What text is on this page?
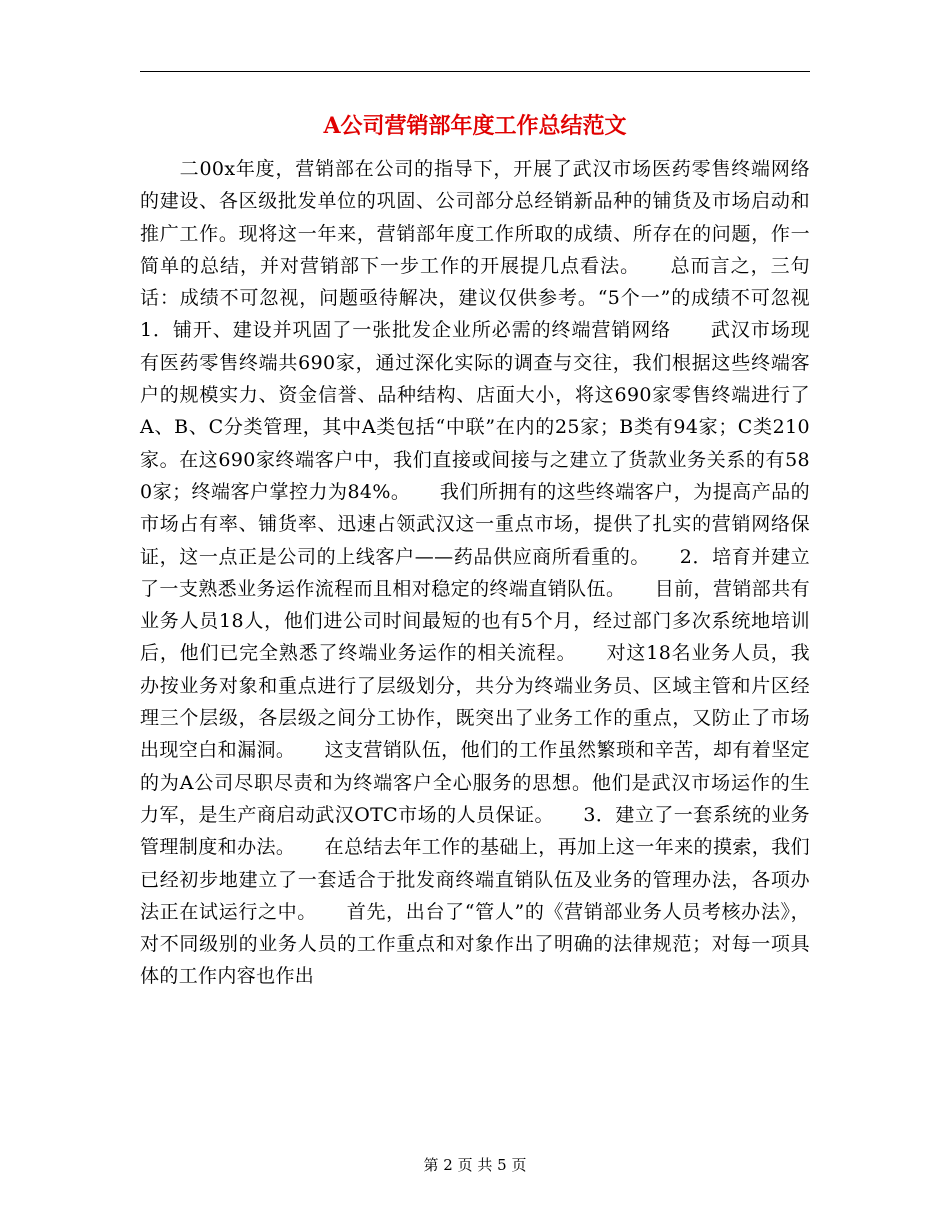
A公司营销部年度工作总结范文

　　二00x年度，营销部在公司的指导下，开展了武汉市场医药零售终端网络的建设、各区级批发单位的巩固、公司部分总经销新品种的铺货及市场启动和推广工作。现将这一年来，营销部年度工作所取的成绩、所存在的问题，作一简单的总结，并对营销部下一步工作的开展提几点看法。　　总而言之，三句话：成绩不可忽视，问题亟待解决，建议仅供参考。“5个一”的成绩不可忽视　　1．铺开、建设并巩固了一张批发企业所必需的终端营销网络　　武汉市场现有医药零售终端共690家，通过深化实际的调查与交往，我们根据这些终端客户的规模实力、资金信誉、品种结构、店面大小，将这690家零售终端进行了A、B、C分类管理，其中A类包括“中联”在内的25家；B类有94家；C类210家。在这690家终端客户中，我们直接或间接与之建立了货款业务关系的有580家；终端客户掌控力为84%。　　我们所拥有的这些终端客户，为提高产品的市场占有率、铺货率、迅速占领武汉这一重点市场，提供了扎实的营销网络保证，这一点正是公司的上线客户——药品供应商所看重的。　　2．培育并建立了一支熟悉业务运作流程而且相对稳定的终端直销队伍。　　目前，营销部共有业务人员18人，他们进公司时间最短的也有5个月，经过部门多次系统地培训后，他们已完全熟悉了终端业务运作的相关流程。　　对这18名业务人员，我办按业务对象和重点进行了层级划分，共分为终端业务员、区域主管和片区经理三个层级，各层级之间分工协作，既突出了业务工作的重点，又防止了市场出现空白和漏洞。　　这支营销队伍，他们的工作虽然繁琐和辛苦，却有着坚定的为A公司尽职尽责和为终端客户全心服务的思想。他们是武汉市场运作的生力军，是生产商启动武汉OTC市场的人员保证。　　3．建立了一套系统的业务管理制度和办法。　　在总结去年工作的基础上，再加上这一年来的摸索，我们已经初步地建立了一套适合于批发商终端直销队伍及业务的管理办法，各项办法正在试运行之中。　　首先，出台了“管人”的《营销部业务人员考核办法》，对不同级别的业务人员的工作重点和对象作出了明确的法律规范；对每一项具体的工作内容也作出

第 2 页 共 5 页
